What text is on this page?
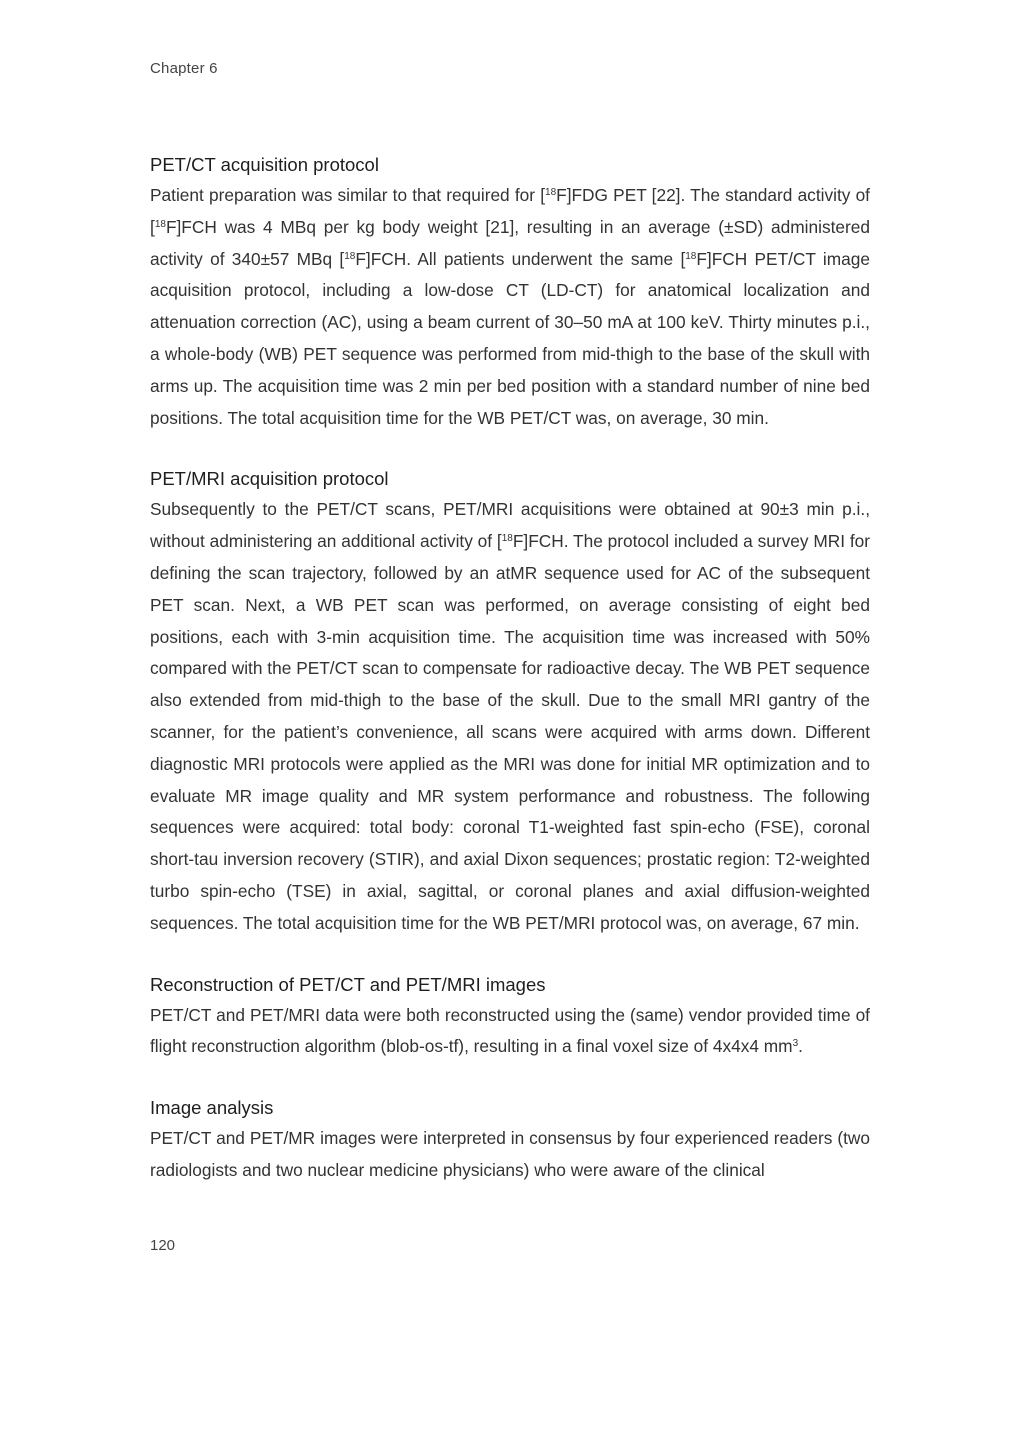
Chapter 6
PET/CT acquisition protocol

Patient preparation was similar to that required for [$^{18}$F]FDG PET [22]. The standard activity of [$^{18}$F]FCH was 4 MBq per kg body weight [21], resulting in an average (±SD) administered activity of 340±57 MBq [$^{18}$F]FCH. All patients underwent the same [$^{18}$F]FCH PET/CT image acquisition protocol, including a low-dose CT (LD-CT) for anatomical localization and attenuation correction (AC), using a beam current of 30–50 mA at 100 keV. Thirty minutes p.i., a whole-body (WB) PET sequence was performed from mid-thigh to the base of the skull with arms up. The acquisition time was 2 min per bed position with a standard number of nine bed positions. The total acquisition time for the WB PET/CT was, on average, 30 min.

PET/MRI acquisition protocol

Subsequently to the PET/CT scans, PET/MRI acquisitions were obtained at 90±3 min p.i., without administering an additional activity of [$^{18}$F]FCH. The protocol included a survey MRI for defining the scan trajectory, followed by an atMR sequence used for AC of the subsequent PET scan. Next, a WB PET scan was performed, on average consisting of eight bed positions, each with 3-min acquisition time. The acquisition time was increased with 50% compared with the PET/CT scan to compensate for radioactive decay. The WB PET sequence also extended from mid-thigh to the base of the skull. Due to the small MRI gantry of the scanner, for the patient’s convenience, all scans were acquired with arms down. Different diagnostic MRI protocols were applied as the MRI was done for initial MR optimization and to evaluate MR image quality and MR system performance and robustness. The following sequences were acquired: total body: coronal T1-weighted fast spin-echo (FSE), coronal short-tau inversion recovery (STIR), and axial Dixon sequences; prostatic region: T2-weighted turbo spin-echo (TSE) in axial, sagittal, or coronal planes and axial diffusion-weighted sequences. The total acquisition time for the WB PET/MRI protocol was, on average, 67 min.

Reconstruction of PET/CT and PET/MRI images

PET/CT and PET/MRI data were both reconstructed using the (same) vendor provided time of flight reconstruction algorithm (blob-os-tf), resulting in a final voxel size of 4x4x4 $mm^3$.

Image analysis

PET/CT and PET/MR images were interpreted in consensus by four experienced readers (two radiologists and two nuclear medicine physicians) who were aware of the clinical

120
